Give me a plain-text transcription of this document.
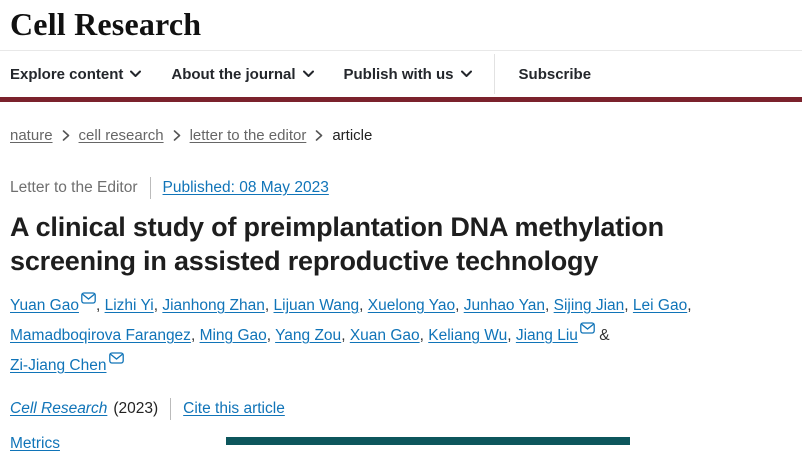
Cell Research
Explore content	About the journal	Publish with us	Subscribe
nature cell research letter to the editor article
Letter to the Editor Published: 08 May 2023
A clinical study of preimplantation DNA methylation screening in assisted reproductive technology
Yuan Gao , Lizhi Yi, Jianhong Zhan, Lijuan Wang, Xuelong Yao, Junhao Yan, Sijing Jian, Lei Gao, Mamadboqirova Farangez, Ming Gao, Yang Zou, Xuan Gao, Keliang Wu, Jiang Liu & Zi-Jiang Chen
Cell Research (2023) Cite this article
Metrics
